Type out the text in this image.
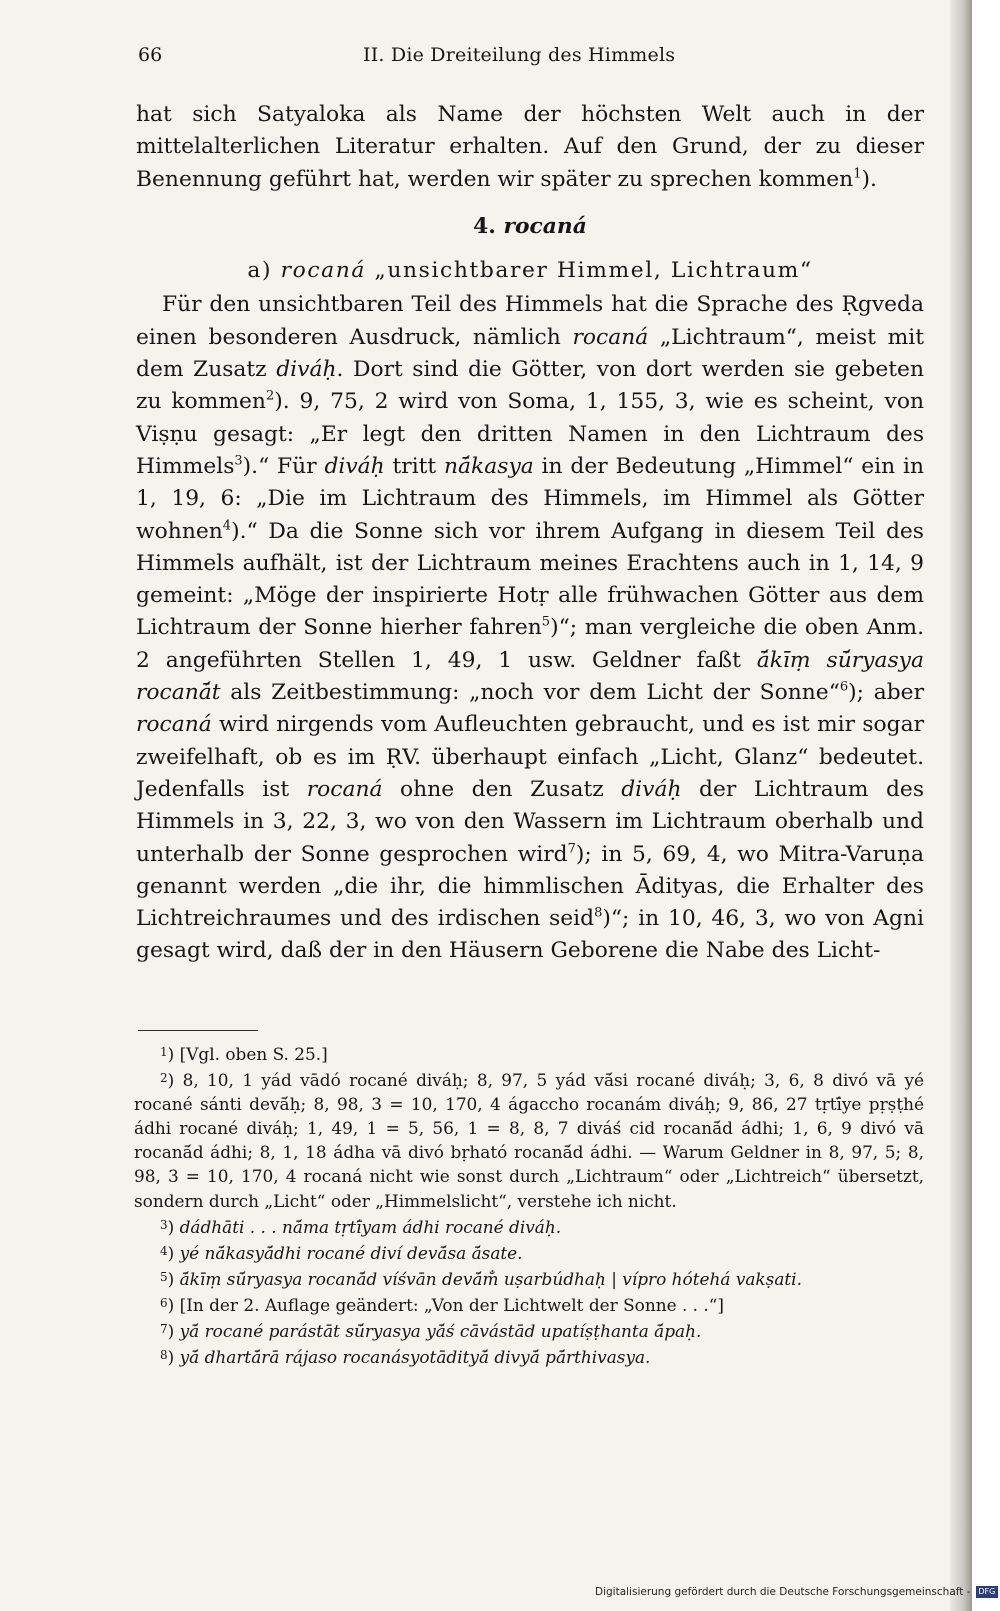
66	II. Die Dreiteilung des Himmels

hat sich Satyaloka als Name der höchsten Welt auch in der mittelalterlichen Literatur erhalten. Auf den Grund, der zu dieser Benennung geführt hat, werden wir später zu sprechen kommen$^1$).

4. rocaná
a) rocaná „unsichtbarer Himmel, Lichtraum“

Für den unsichtbaren Teil des Himmels hat die Sprache des Ṛgveda einen besonderen Ausdruck, nämlich rocaná „Lichtraum“, meist mit dem Zusatz diváḥ. Dort sind die Götter, von dort werden sie gebeten zu kommen$^2$). 9, 75, 2 wird von Soma, 1, 155, 3, wie es scheint, von Viṣṇu gesagt: „Er legt den dritten Namen in den Lichtraum des Himmels$^3$).“ Für diváḥ tritt nā́kasya in der Bedeutung „Himmel“ ein in 1, 19, 6: „Die im Lichtraum des Himmels, im Himmel als Götter wohnen$^4$).“ Da die Sonne sich vor ihrem Aufgang in diesem Teil des Himmels aufhält, ist der Lichtraum meines Erachtens auch in 1, 14, 9 gemeint: „Möge der inspirierte Hotṛ alle frühwachen Götter aus dem Lichtraum der Sonne hierher fahren$^5$)“; man vergleiche die oben Anm. 2 angeführten Stellen 1, 49, 1 usw. Geldner faßt ā́kīṃ sū́ryasya rocanā́t als Zeitbestimmung: „noch vor dem Licht der Sonne“$^6$); aber rocaná wird nirgends vom Aufleuchten gebraucht, und es ist mir sogar zweifelhaft, ob es im ṚV. überhaupt einfach „Licht, Glanz“ bedeutet. Jedenfalls ist rocaná ohne den Zusatz diváḥ der Lichtraum des Himmels in 3, 22, 3, wo von den Wassern im Lichtraum oberhalb und unterhalb der Sonne gesprochen wird$^7$); in 5, 69, 4, wo Mitra-Varuṇa genannt werden „die ihr, die himmlischen Ādityas, die Erhalter des Lichtreichraumes und des irdischen seid$^8$)“; in 10, 46, 3, wo von Agni gesagt wird, daß der in den Häusern Geborene die Nabe des Licht-

$^1$) [Vgl. oben S. 25.]

$^2$) 8, 10, 1 yád vādó rocané diváḥ; 8, 97, 5 yád vā́si rocané diváḥ; 3, 6, 8 divó vā yé rocané sánti devā́ḥ; 8, 98, 3 = 10, 170, 4 ágaccho rocanám diváḥ; 9, 86, 27 tṛtī́ye pṛṣṭhé ádhi rocané diváḥ; 1, 49, 1 = 5, 56, 1 = 8, 8, 7 diváś cid rocanā́d ádhi; 1, 6, 9 divó vā rocanā́d ádhi; 8, 1, 18 ádha vā divó bṛható rocanā́d ádhi. — Warum Geldner in 8, 97, 5; 8, 98, 3 = 10, 170, 4 rocaná nicht wie sonst durch „Lichtraum“ oder „Lichtreich“ übersetzt, sondern durch „Licht“ oder „Himmelslicht“, verstehe ich nicht.

$^3$) dádhāti . . . nā́ma tṛtī́yam ádhi rocané diváḥ.

$^4$) yé nā́kasyā́dhi rocané diví devā́sa ā́sate.

$^5$) ā́kīṃ sū́ryasya rocanā́d víśvān devā́m̐ uṣarbúdhaḥ | vípro hótehá vakṣati.

$^6$) [In der 2. Auflage geändert: „Von der Lichtwelt der Sonne . . .“]

$^7$) yā́ rocané parástāt sū́ryasya yā́ś cāvástād upatíṣṭhanta ā́paḥ.

$^8$) yā́ dhartā́rā rájaso rocanásyotādityā́ divyā́ pā́rthivasya.

Digitalisierung gefördert durch die Deutsche Forschungsgemeinschaft - DFG
